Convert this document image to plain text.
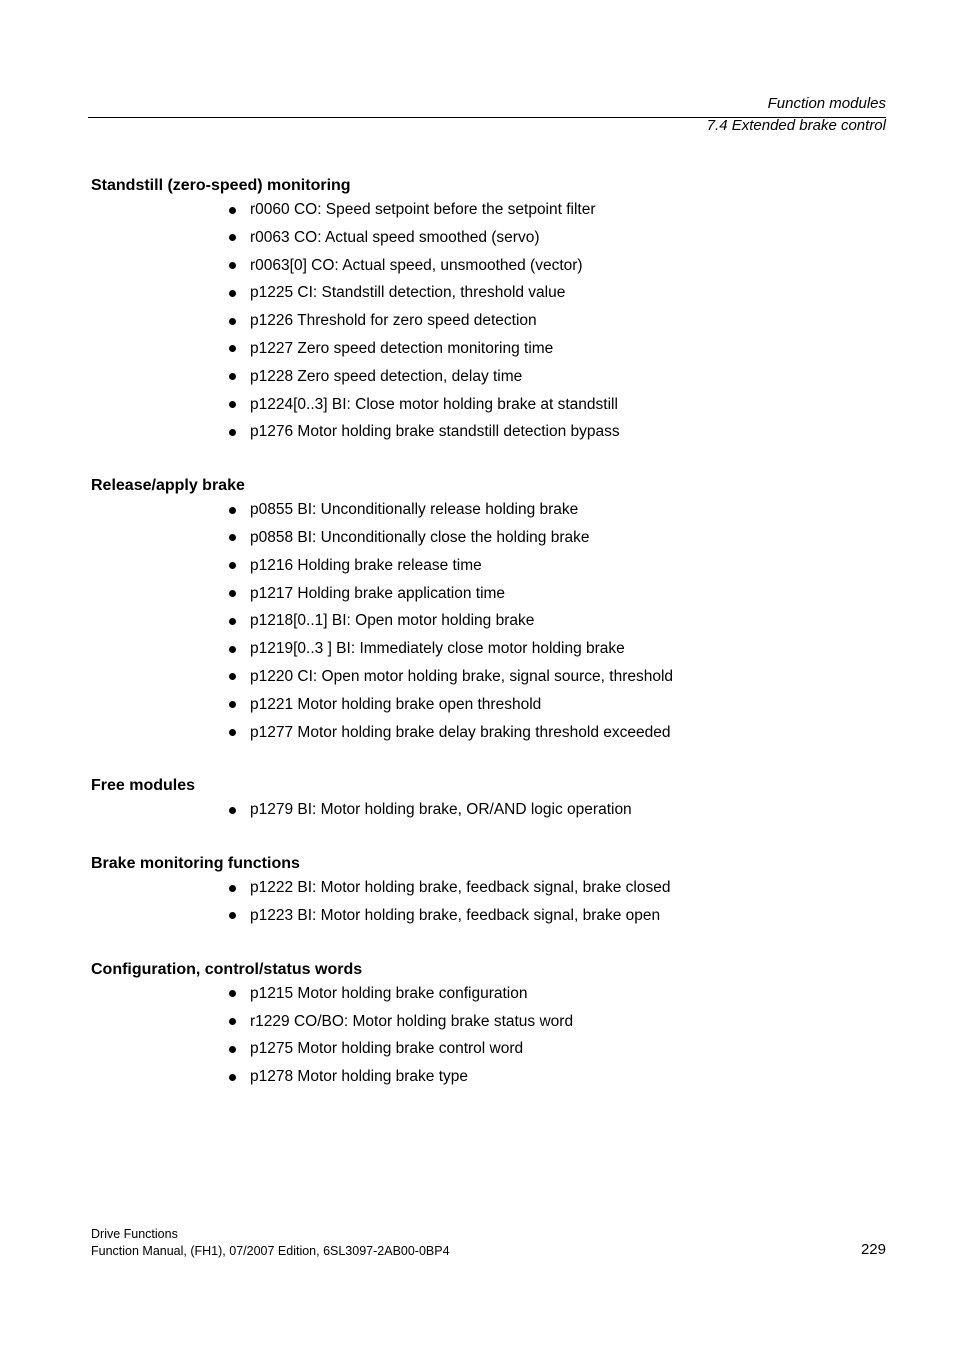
Function modules
7.4 Extended brake control
Standstill (zero-speed) monitoring
r0060 CO: Speed setpoint before the setpoint filter
r0063 CO: Actual speed smoothed (servo)
r0063[0] CO: Actual speed, unsmoothed (vector)
p1225 CI: Standstill detection, threshold value
p1226 Threshold for zero speed detection
p1227 Zero speed detection monitoring time
p1228 Zero speed detection, delay time
p1224[0..3] BI: Close motor holding brake at standstill
p1276 Motor holding brake standstill detection bypass
Release/apply brake
p0855 BI: Unconditionally release holding brake
p0858 BI: Unconditionally close the holding brake
p1216 Holding brake release time
p1217 Holding brake application time
p1218[0..1] BI: Open motor holding brake
p1219[0..3 ] BI: Immediately close motor holding brake
p1220 CI: Open motor holding brake, signal source, threshold
p1221 Motor holding brake open threshold
p1277 Motor holding brake delay braking threshold exceeded
Free modules
p1279 BI: Motor holding brake, OR/AND logic operation
Brake monitoring functions
p1222 BI: Motor holding brake, feedback signal, brake closed
p1223 BI: Motor holding brake, feedback signal, brake open
Configuration, control/status words
p1215 Motor holding brake configuration
r1229 CO/BO: Motor holding brake status word
p1275 Motor holding brake control word
p1278 Motor holding brake type
Drive Functions
Function Manual, (FH1), 07/2007 Edition, 6SL3097-2AB00-0BP4	229
